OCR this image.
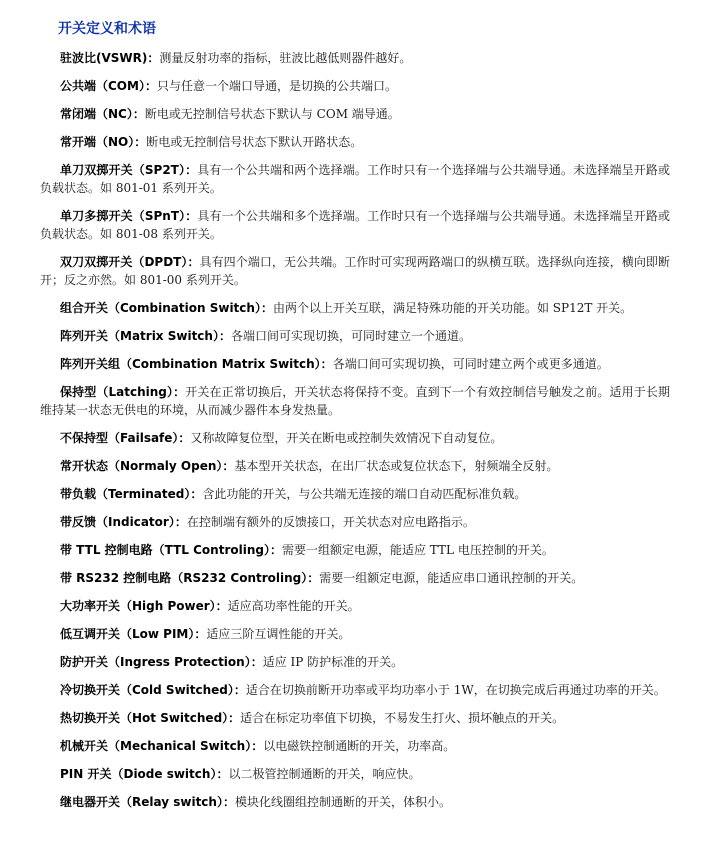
开关定义和术语

驻波比(VSWR)：测量反射功率的指标，驻波比越低则器件越好。

公共端（COM）：只与任意一个端口导通，是切换的公共端口。

常闭端（NC）：断电或无控制信号状态下默认与 COM 端导通。

常开端（NO）：断电或无控制信号状态下默认开路状态。

单刀双掷开关（SP2T）：具有一个公共端和两个选择端。工作时只有一个选择端与公共端导通。未选择端呈开路或负载状态。如 801-01 系列开关。

单刀多掷开关（SPnT）：具有一个公共端和多个选择端。工作时只有一个选择端与公共端导通。未选择端呈开路或负载状态。如 801-08 系列开关。

双刀双掷开关（DPDT）：具有四个端口，无公共端。工作时可实现两路端口的纵横互联。选择纵向连接，横向即断开；反之亦然。如 801-00 系列开关。

组合开关（Combination Switch）：由两个以上开关互联，满足特殊功能的开关功能。如 SP12T 开关。

阵列开关（Matrix Switch）：各端口间可实现切换，可同时建立一个通道。

阵列开关组（Combination Matrix Switch）：各端口间可实现切换，可同时建立两个或更多通道。

保持型（Latching）：开关在正常切换后，开关状态将保持不变。直到下一个有效控制信号触发之前。适用于长期维持某一状态无供电的环境，从而减少器件本身发热量。

不保持型（Failsafe）：又称故障复位型，开关在断电或控制失效情况下自动复位。

常开状态（Normaly Open）：基本型开关状态，在出厂状态或复位状态下，射频端全反射。

带负载（Terminated）：含此功能的开关，与公共端无连接的端口自动匹配标准负载。

带反馈（Indicator）：在控制端有额外的反馈接口，开关状态对应电路指示。

带 TTL 控制电路（TTL Controling）：需要一组额定电源，能适应 TTL 电压控制的开关。

带 RS232 控制电路（RS232 Controling）：需要一组额定电源，能适应串口通讯控制的开关。

大功率开关（High Power）：适应高功率性能的开关。

低互调开关（Low PIM）：适应三阶互调性能的开关。

防护开关（Ingress Protection）：适应 IP 防护标准的开关。

冷切换开关（Cold Switched）：适合在切换前断开功率或平均功率小于 1W，在切换完成后再通过功率的开关。

热切换开关（Hot Switched）：适合在标定功率值下切换，不易发生打火、损坏触点的开关。

机械开关（Mechanical Switch）：以电磁铁控制通断的开关，功率高。

PIN 开关（Diode switch）：以二极管控制通断的开关，响应快。

继电器开关（Relay switch）：模块化线圈组控制通断的开关，体积小。
